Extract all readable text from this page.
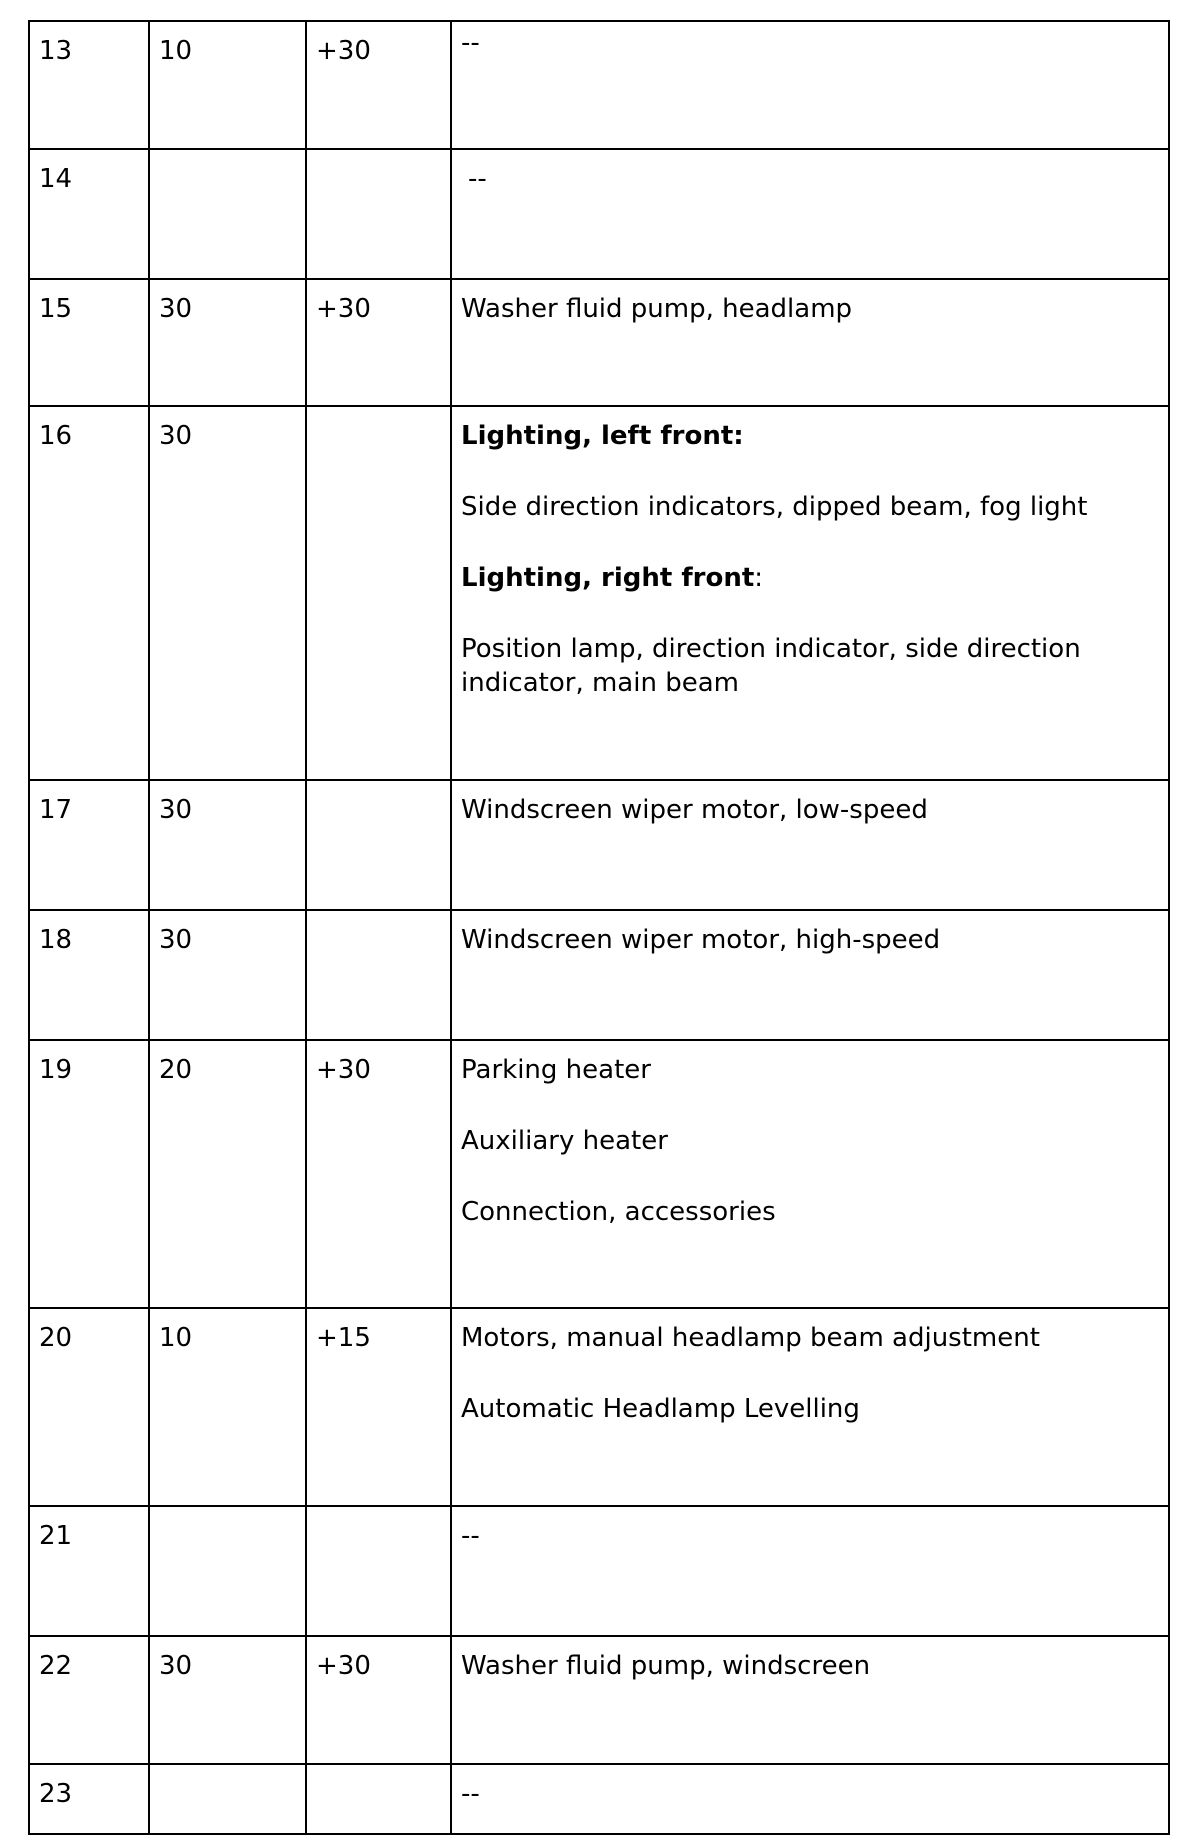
13	10	+30	--

14			--

15	30	+30	Washer fluid pump, headlamp

16	30		Lighting, left front:

Side direction indicators, dipped beam, fog light

Lighting, right front:

Position lamp, direction indicator, side direction indicator, main beam

17	30		Windscreen wiper motor, low-speed

18	30		Windscreen wiper motor, high-speed

19	20	+30	Parking heater

Auxiliary heater

Connection, accessories

20	10	+15	Motors, manual headlamp beam adjustment

Automatic Headlamp Levelling

21			--

22	30	+30	Washer fluid pump, windscreen

23			--
